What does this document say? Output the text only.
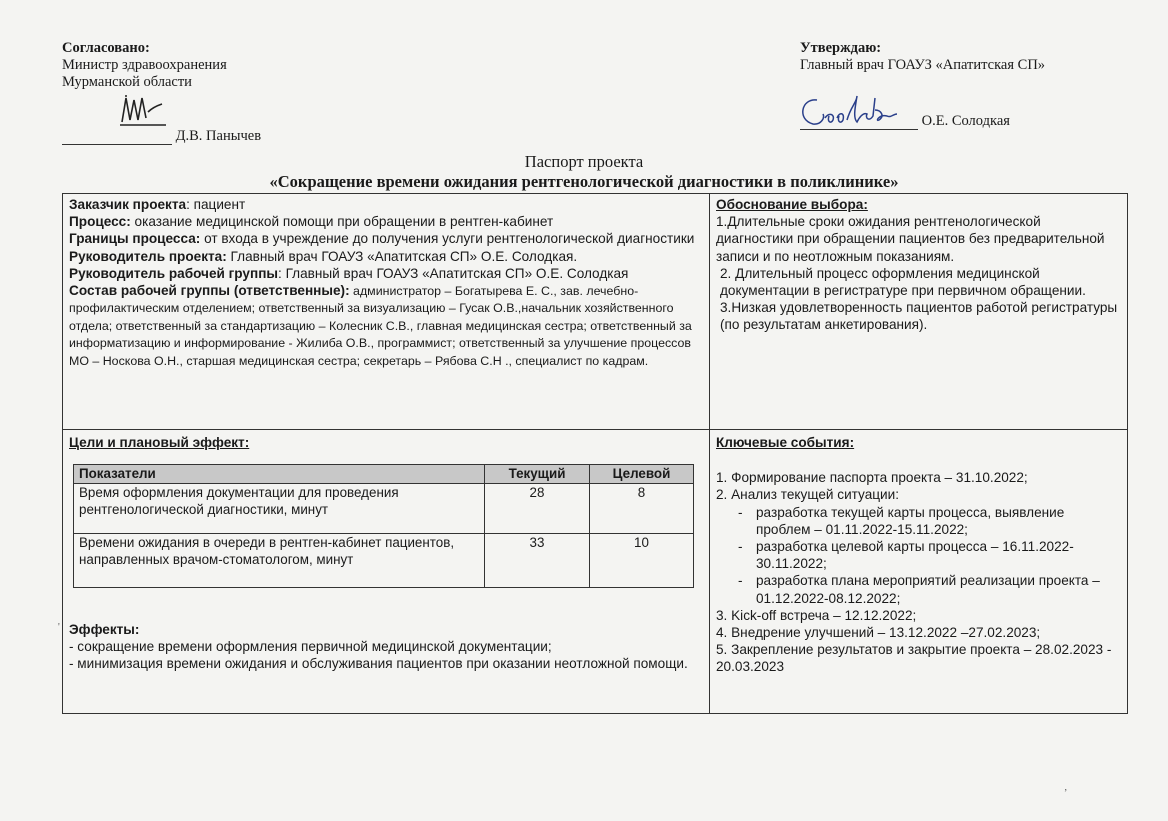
Согласовано:
Министр здравоохранения
Мурманской области
Д.В. Панычев
Утверждаю:
Главный врач ГОАУЗ «Апатитская СП»
О.Е. Солодкая
Паспорт проекта
«Сокращение времени ожидания рентгенологической диагностики в поликлинике»
Заказчик проекта: пациент
Процесс: оказание медицинской помощи при обращении в рентген-кабинет
Границы процесса: от входа в учреждение до получения услуги рентгенологической диагностики
Руководитель проекта: Главный врач ГОАУЗ «Апатитская СП» О.Е. Солодкая.
Руководитель рабочей группы: Главный врач ГОАУЗ «Апатитская СП» О.Е. Солодкая
Состав рабочей группы (ответственные): администратор – Богатырева Е. С., зав. лечебно-профилактическим отделением; ответственный за визуализацию – Гусак О.В.,начальник хозяйственного отдела; ответственный за стандартизацию – Колесник С.В., главная медицинская сестра; ответственный за информатизацию и информирование - Жилиба О.В., программист; ответственный за улучшение процессов МО – Носкова О.Н., старшая медицинская сестра; секретарь – Рябова С.Н ., специалист по кадрам.
Обоснование выбора:
1.Длительные сроки ожидания рентгенологической диагностики при обращении пациентов без предварительной записи и по неотложным показаниям.
2. Длительный процесс оформления медицинской документации в регистратуре при первичном обращении.
3.Низкая удовлетворенность пациентов работой регистратуры (по результатам анкетирования).
Цели и плановый эффект:
Показатели	Текущий	Целевой
Время оформления документации для проведения рентгенологической диагностики, минут	28	8
Времени ожидания в очереди в рентген-кабинет пациентов, направленных врачом-стоматологом, минут	33	10
Эффекты:
- сокращение времени оформления первичной медицинской документации;
- минимизация времени ожидания и обслуживания пациентов при оказании неотложной помощи.
Ключевые события:
1. Формирование паспорта проекта – 31.10.2022;
2. Анализ текущей ситуации:
- разработка текущей карты процесса, выявление проблем – 01.11.2022-15.11.2022;
- разработка целевой карты процесса – 16.11.2022-30.11.2022;
- разработка плана мероприятий реализации проекта – 01.12.2022-08.12.2022;
3. Kick-off встреча – 12.12.2022;
4. Внедрение улучшений – 13.12.2022 –27.02.2023;
5. Закрепление результатов и закрытие проекта – 28.02.2023 - 20.03.2023
'
‚
